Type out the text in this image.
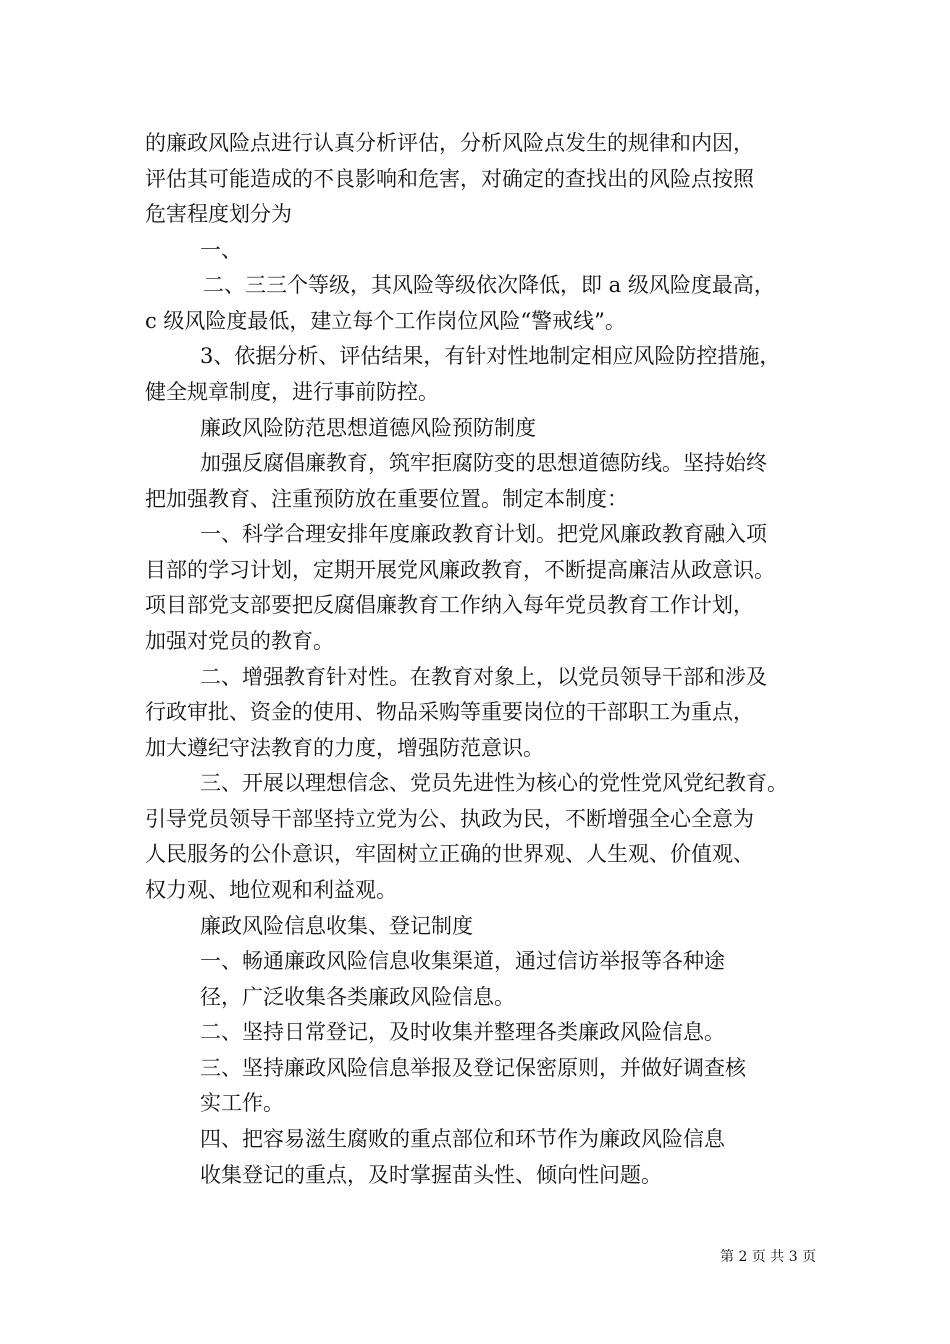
的廉政风险点进行认真分析评估，分析风险点发生的规律和内因，
评估其可能造成的不良影响和危害，对确定的查找出的风险点按照
危害程度划分为
一、
二、三三个等级，其风险等级依次降低，即 a 级风险度最高，
c 级风险度最低，建立每个工作岗位风险“警戒线”。
3、依据分析、评估结果，有针对性地制定相应风险防控措施，
健全规章制度，进行事前防控。
廉政风险防范思想道德风险预防制度
加强反腐倡廉教育，筑牢拒腐防变的思想道德防线。坚持始终
把加强教育、注重预防放在重要位置。制定本制度：
一、科学合理安排年度廉政教育计划。把党风廉政教育融入项
目部的学习计划，定期开展党风廉政教育，不断提高廉洁从政意识。
项目部党支部要把反腐倡廉教育工作纳入每年党员教育工作计划，
加强对党员的教育。
二、增强教育针对性。在教育对象上，以党员领导干部和涉及
行政审批、资金的使用、物品采购等重要岗位的干部职工为重点，
加大遵纪守法教育的力度，增强防范意识。
三、开展以理想信念、党员先进性为核心的党性党风党纪教育。
引导党员领导干部坚持立党为公、执政为民，不断增强全心全意为
人民服务的公仆意识，牢固树立正确的世界观、人生观、价值观、
权力观、地位观和利益观。
廉政风险信息收集、登记制度
一、畅通廉政风险信息收集渠道，通过信访举报等各种途
径，广泛收集各类廉政风险信息。
二、坚持日常登记，及时收集并整理各类廉政风险信息。
三、坚持廉政风险信息举报及登记保密原则，并做好调查核
实工作。
四、把容易滋生腐败的重点部位和环节作为廉政风险信息
收集登记的重点，及时掌握苗头性、倾向性问题。
第 2 页 共 3 页
